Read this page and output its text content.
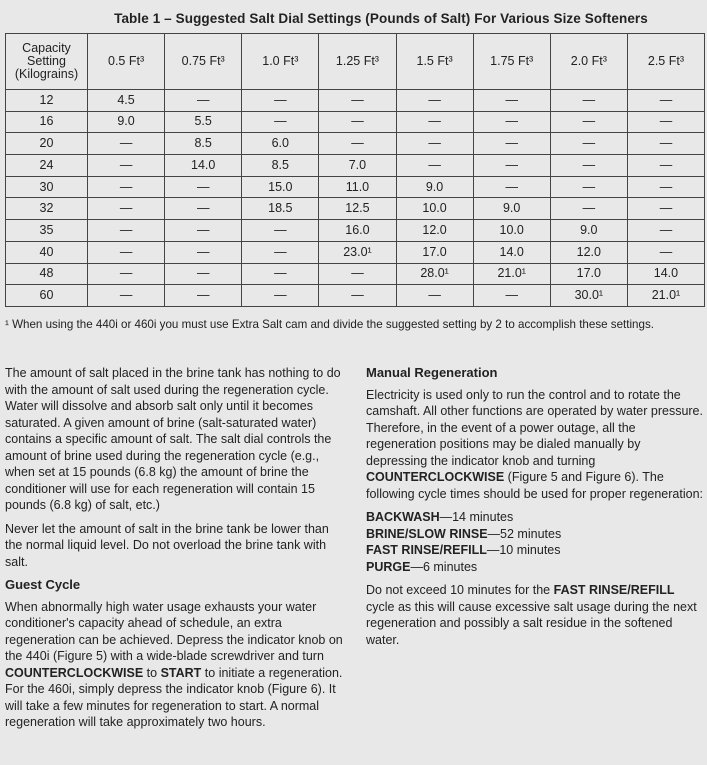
Table 1 – Suggested Salt Dial Settings (Pounds of Salt) For Various Size Softeners
Capacity Setting (Kilograins)	0.5 Ft³	0.75 Ft³	1.0 Ft³	1.25 Ft³	1.5 Ft³	1.75 Ft³	2.0 Ft³	2.5 Ft³
12	4.5	—	—	—	—	—	—	—
16	9.0	5.5	—	—	—	—	—	—
20	—	8.5	6.0	—	—	—	—	—
24	—	14.0	8.5	7.0	—	—	—	—
30	—	—	15.0	11.0	9.0	—	—	—
32	—	—	18.5	12.5	10.0	9.0	—	—
35	—	—	—	16.0	12.0	10.0	9.0	—
40	—	—	—	23.0¹	17.0	14.0	12.0	—
48	—	—	—	—	28.0¹	21.0¹	17.0	14.0
60	—	—	—	—	—	—	30.0¹	21.0¹
¹ When using the 440i or 460i you must use Extra Salt cam and divide the suggested setting by 2 to accomplish these settings.

The amount of salt placed in the brine tank has nothing to do with the amount of salt used during the regeneration cycle. Water will dissolve and absorb salt only until it becomes saturated. A given amount of brine (salt-saturated water) contains a specific amount of salt. The salt dial controls the amount of brine used during the regeneration cycle (e.g., when set at 15 pounds (6.8 kg) the amount of brine the conditioner will use for each regeneration will contain 15 pounds (6.8 kg) of salt, etc.)

Never let the amount of salt in the brine tank be lower than the normal liquid level. Do not overload the brine tank with salt.

Guest Cycle

When abnormally high water usage exhausts your water conditioner's capacity ahead of schedule, an extra regeneration can be achieved. Depress the indicator knob on the 440i (Figure 5) with a wide-blade screwdriver and turn COUNTERCLOCKWISE to START to initiate a regeneration. For the 460i, simply depress the indicator knob (Figure 6). It will take a few minutes for regeneration to start. A normal regeneration will take approximately two hours.

Manual Regeneration

Electricity is used only to run the control and to rotate the camshaft. All other functions are operated by water pressure. Therefore, in the event of a power outage, all the regeneration positions may be dialed manually by depressing the indicator knob and turning COUNTERCLOCKWISE (Figure 5 and Figure 6). The following cycle times should be used for proper regeneration:

BACKWASH—14 minutes
BRINE/SLOW RINSE—52 minutes
FAST RINSE/REFILL—10 minutes
PURGE—6 minutes

Do not exceed 10 minutes for the FAST RINSE/REFILL cycle as this will cause excessive salt usage during the next regeneration and possibly a salt residue in the softened water.
